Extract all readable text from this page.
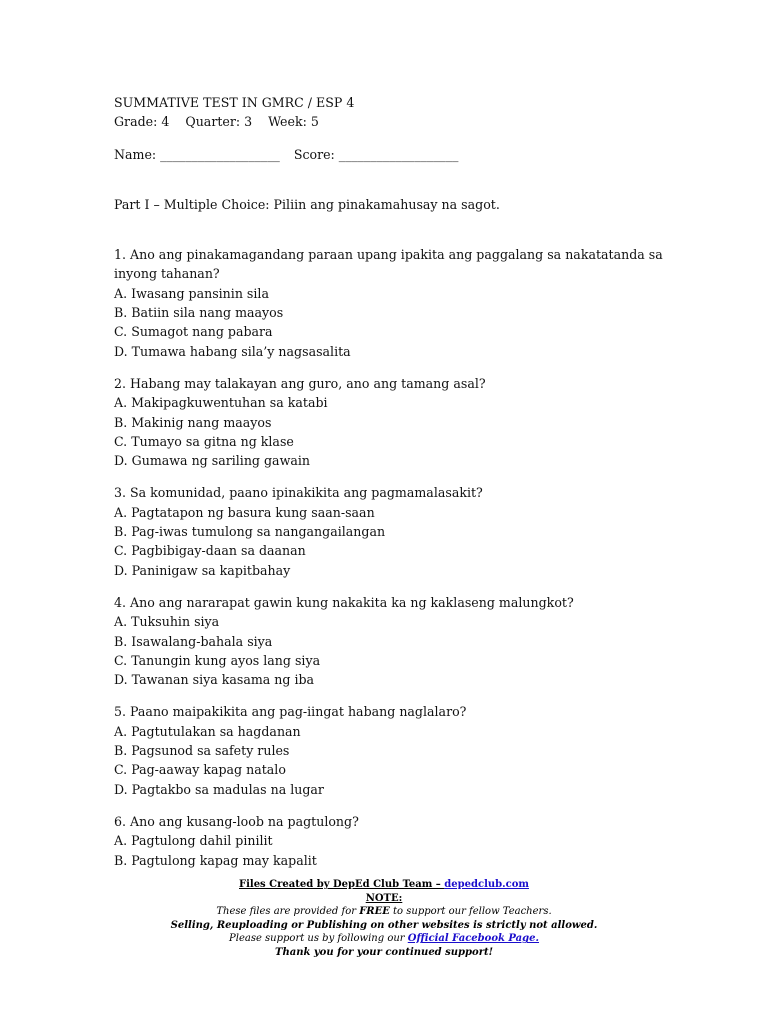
SUMMATIVE TEST IN GMRC / ESP 4
Grade: 4    Quarter: 3    Week: 5
Name: ___________________ Score: ___________________
Part I – Multiple Choice: Piliin ang pinakamahusay na sagot.
1. Ano ang pinakamagandang paraan upang ipakita ang paggalang sa nakatatanda sa inyong tahanan?
A. Iwasang pansinin sila
B. Batiin sila nang maayos
C. Sumagot nang pabara
D. Tumawa habang sila’y nagsasalita
2. Habang may talakayan ang guro, ano ang tamang asal?
A. Makipagkuwentuhan sa katabi
B. Makinig nang maayos
C. Tumayo sa gitna ng klase
D. Gumawa ng sariling gawain
3. Sa komunidad, paano ipinakikita ang pagmamalasakit?
A. Pagtatapon ng basura kung saan-saan
B. Pag-iwas tumulong sa nangangailangan
C. Pagbibigay-daan sa daanan
D. Paninigaw sa kapitbahay
4. Ano ang nararapat gawin kung nakakita ka ng kaklaseng malungkot?
A. Tuksuhin siya
B. Isawalang-bahala siya
C. Tanungin kung ayos lang siya
D. Tawanan siya kasama ng iba
5. Paano maipakikita ang pag-iingat habang naglalaro?
A. Pagtutulakan sa hagdanan
B. Pagsunod sa safety rules
C. Pag-aaway kapag natalo
D. Pagtakbo sa madulas na lugar
6. Ano ang kusang-loob na pagtulong?
A. Pagtulong dahil pinilit
B. Pagtulong kapag may kapalit
Files Created by DepEd Club Team – depedclub.com
NOTE:
These files are provided for FREE to support our fellow Teachers.
Selling, Reuploading or Publishing on other websites is strictly not allowed.
Please support us by following our Official Facebook Page.
Thank you for your continued support!
